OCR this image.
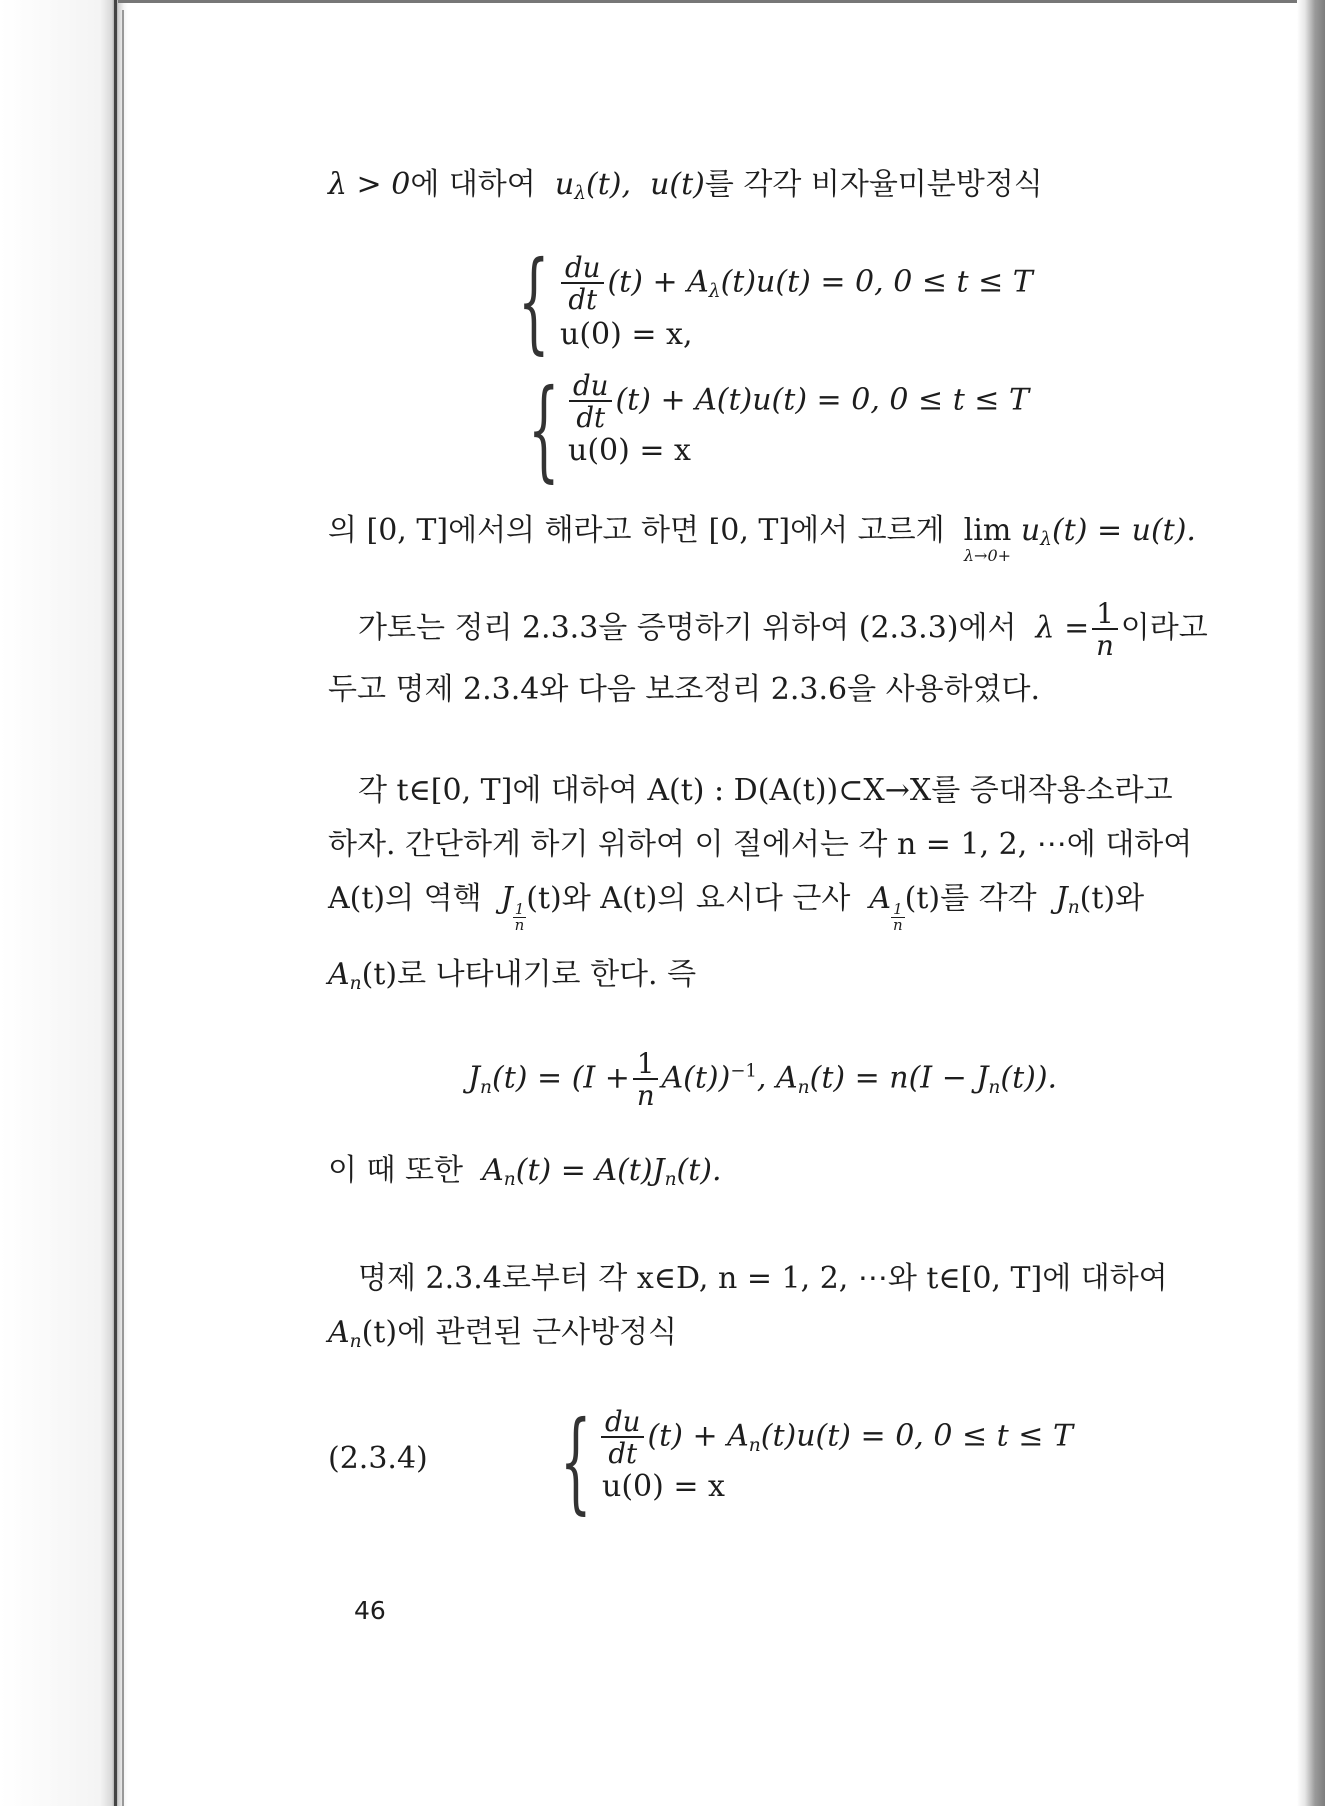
λ > 0에 대하여 uλ(t), u(t)를 각각 비자율미분방정식
{ $\frac{du}{dt} (t) + A\lambda(t)u(t) = 0$, 0 ≤ t ≤ T
u(0) = x,
{ $\frac{du}{dt} (t) + A(t)u(t) = 0$, 0 ≤ t ≤ T
u(0) = x
의 [0, T]에서의 해라고 하면 [0, T]에서 고르게 lim
λ→0+
uλ(t) = u(t).
가토는 정리 2.3.3을 증명하기 위하여 (2.3.3)에서 $\lambda = \frac{1}{n}$ 이라고
두고 명제 2.3.4와 다음 보조정리 2.3.6을 사용하였다.
각 t∈[0, T]에 대하여 A(t) : D(A(t))⊂X→X를 증대작용소라고
하자. 간단하게 하기 위하여 이 절에서는 각 n = 1, 2, ⋯에 대하여
A(t)의 역핵 J
$\frac{1}{n}(t)$와 A(t)의 요시다 근사 A
$\frac{1}{n}(t)$를 각각 Jn(t)와
An(t)로 나타내기로 한다. 즉
$Jn(t) = (I + \frac{1}{n} A(t))^{-1}$, An(t) = n(I − Jn(t)).
이 때 또한 An(t) = A(t)Jn(t).
명제 2.3.4로부터 각 x∈D, n = 1, 2, ⋯와 t∈[0, T]에 대하여
An(t)에 관련된 근사방정식
(2.3.4) { $\frac{du}{dt} (t) + An(t)u(t) = 0$, 0 ≤ t ≤ T
u(0) = x
46
